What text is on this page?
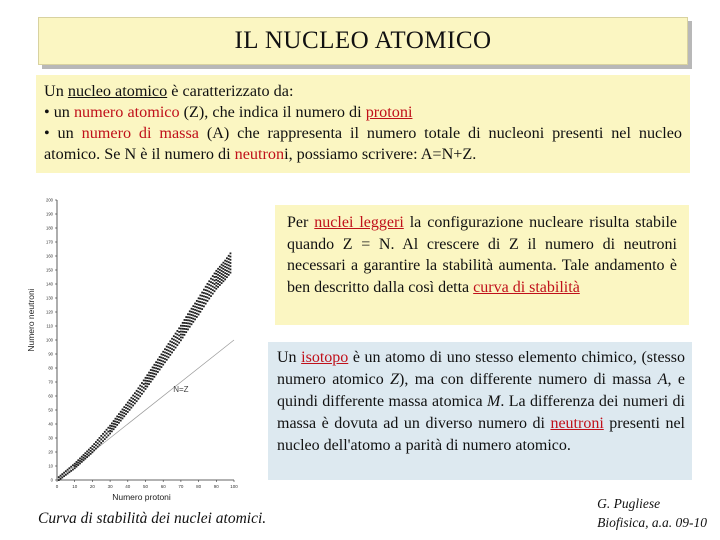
IL NUCLEO ATOMICO

Un nucleo atomico è caratterizzato da:

• un numero atomico (Z), che indica il numero di protoni

• un numero di massa (A) che rappresenta il numero totale di nucleoni presenti nel nucleo atomico. Se N è il numero di neutroni, possiamo scrivere: A=N+Z.

0
10
20
30
40
50
60
70
80
90
100
110
120
130
140
150
160
170
180
190
200
0	10	20	30	40	50	60	70	80	90	100
Numero protoni
Numero neutroni
N=Z

Per nuclei leggeri la configurazione nucleare risulta stabile quando Z = N. Al crescere di Z il numero di neutroni necessari a garantire la stabilità aumenta. Tale andamento è ben descritto dalla così detta curva di stabilità

Un isotopo è un atomo di uno stesso elemento chimico, (stesso numero atomico Z), ma con differente numero di massa A, e quindi differente massa atomica M. La differenza dei numeri di massa è dovuta ad un diverso numero di neutroni presenti nel nucleo dell'atomo a parità di numero atomico.

Curva di stabilità dei nuclei atomici.
G. Pugliese
Biofisica, a.a. 09-10
